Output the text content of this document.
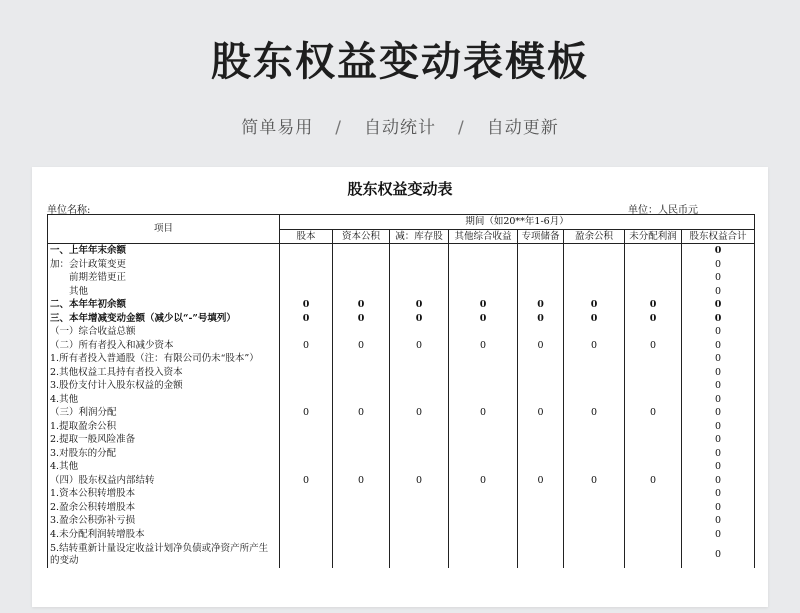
股东权益变动表模板
简单易用 / 自动统计 / 自动更新
股东权益变动表
单位名称:	单位：人民币元
项目	期间（如20**年1-6月）							
	股本	资本公积	减：库存股	其他综合收益	专项储备	盈余公积	未分配利润	股东权益合计
一、上年年末余额								0
加：会计政策变更								0
　　前期差错更正								0
　　其他								0
二、本年年初余额	0	0	0	0	0	0	0	0
三、本年增减变动金额（减少以“-”号填列）	0	0	0	0	0	0	0	0
（一）综合收益总额								0
（二）所有者投入和减少资本	0	0	0	0	0	0	0	0
1.所有者投入普通股（注：有限公司仍未“股本”）								0
2.其他权益工具持有者投入资本								0
3.股份支付计入股东权益的金额								0
4.其他								0
（三）利润分配	0	0	0	0	0	0	0	0
1.提取盈余公积								0
2.提取一般风险准备								0
3.对股东的分配								0
4.其他								0
（四）股东权益内部结转	0	0	0	0	0	0	0	0
1.资本公积转增股本								0
2.盈余公积转增股本								0
3.盈余公积弥补亏损								0
4.未分配利润转增股本								0
5.结转重新计量设定收益计划净负债或净资产所产生的变动								0
